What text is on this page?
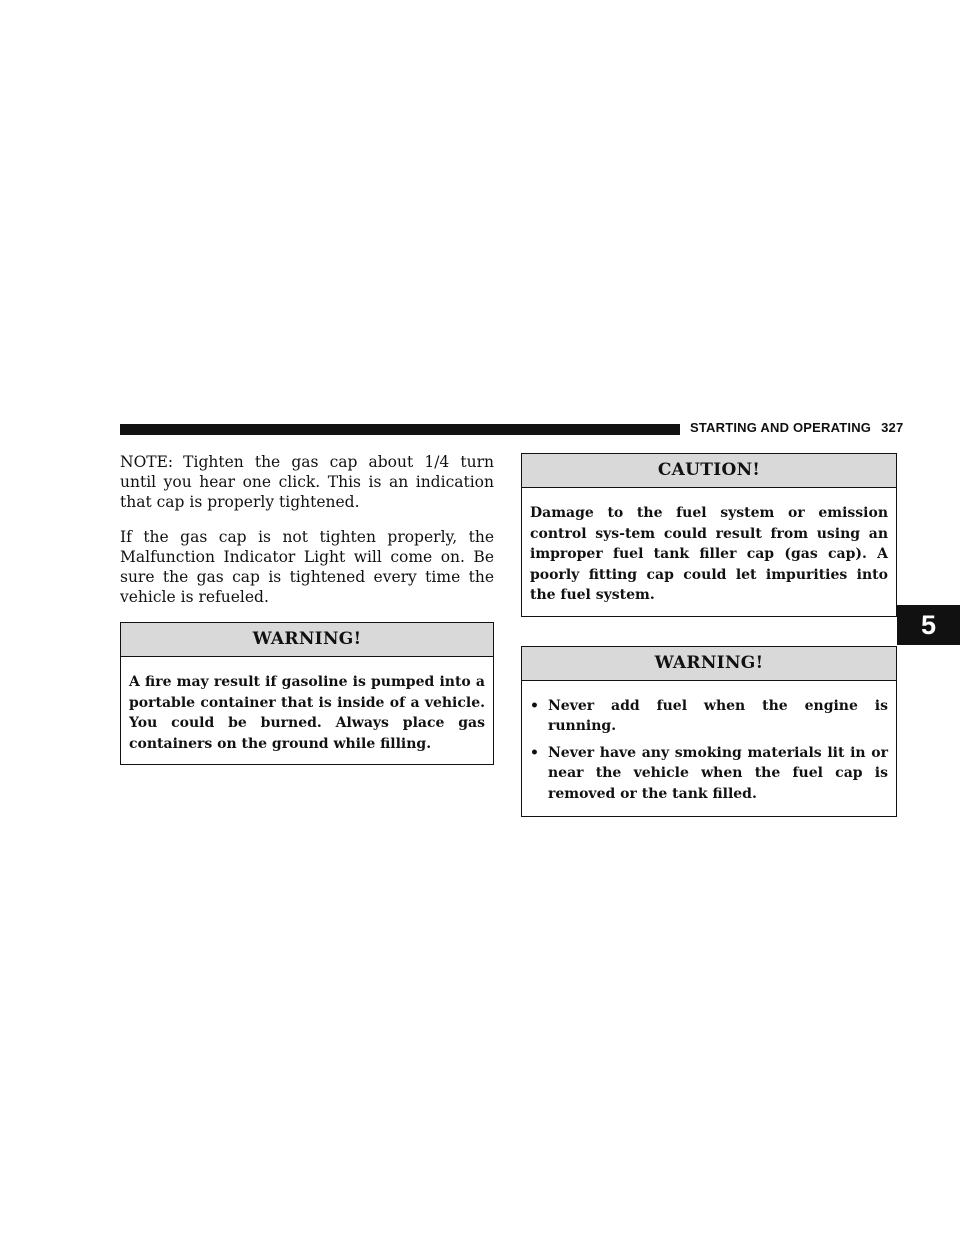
STARTING AND OPERATING 327
5

NOTE: Tighten the gas cap about 1/4 turn until you hear one click. This is an indication that cap is properly tightened.

If the gas cap is not tighten properly, the Malfunction Indicator Light will come on. Be sure the gas cap is tightened every time the vehicle is refueled.

WARNING!

A fire may result if gasoline is pumped into a portable container that is inside of a vehicle. You could be burned. Always place gas containers on the ground while filling.

CAUTION!

Damage to the fuel system or emission control sys-tem could result from using an improper fuel tank filler cap (gas cap). A poorly fitting cap could let impurities into the fuel system.

WARNING!
• Never add fuel when the engine is running.
• Never have any smoking materials lit in or near the vehicle when the fuel cap is removed or the tank filled.
